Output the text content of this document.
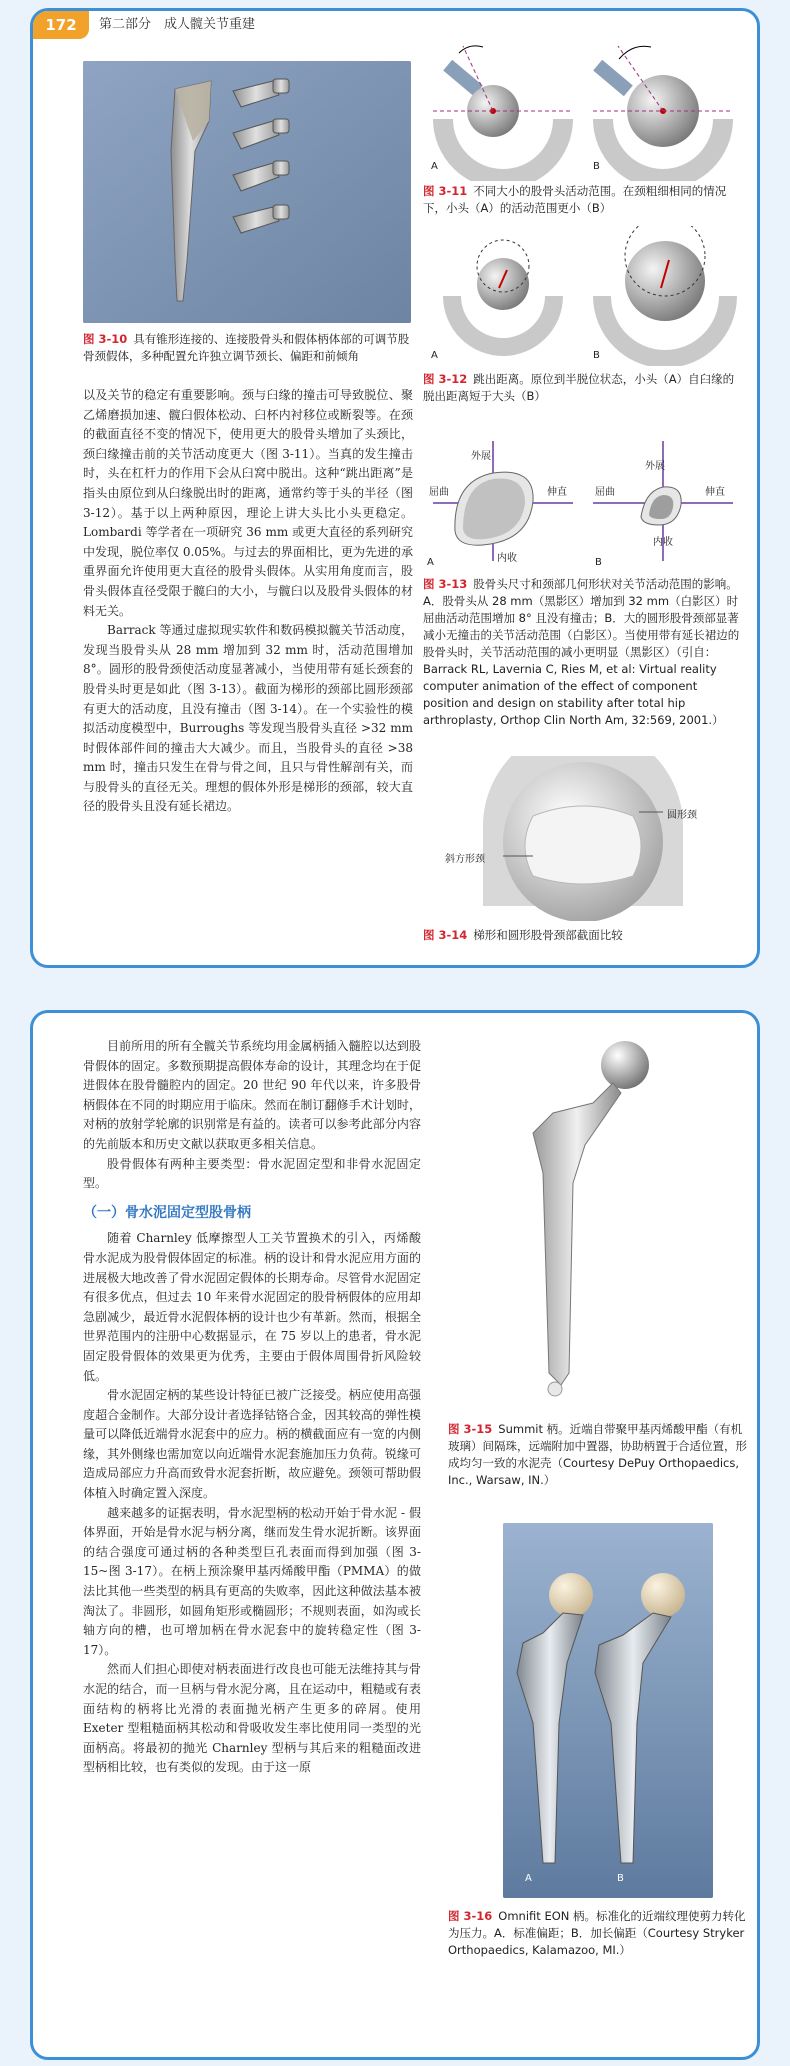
172	第二部分　成人髋关节重建
图 3-10 具有锥形连接的、连接股骨头和假体柄体部的可调节股骨颈假体，多种配置允许独立调节颈长、偏距和前倾角

以及关节的稳定有重要影响。颈与臼缘的撞击可导致脱位、聚乙烯磨损加速、髋臼假体松动、臼杯内衬移位或断裂等。在颈的截面直径不变的情况下，使用更大的股骨头增加了头颈比，颈臼缘撞击前的关节活动度更大（图 3-11）。当真的发生撞击时，头在杠杆力的作用下会从臼窝中脱出。这种“跳出距离”是指头由原位到从臼缘脱出时的距离，通常约等于头的半径（图 3-12）。基于以上两种原因，理论上讲大头比小头更稳定。Lombardi 等学者在一项研究 36 mm 或更大直径的系列研究中发现，脱位率仅 0.05%。与过去的界面相比，更为先进的承重界面允许使用更大直径的股骨头假体。从实用角度而言，股骨头假体直径受限于髋臼的大小，与髋臼以及股骨头假体的材料无关。

Barrack 等通过虚拟现实软件和数码模拟髋关节活动度，发现当股骨头从 28 mm 增加到 32 mm 时，活动范围增加 8°。圆形的股骨颈使活动度显著减小，当使用带有延长颈套的股骨头时更是如此（图 3-13）。截面为梯形的颈部比圆形颈部有更大的活动度，且没有撞击（图 3-14）。在一个实验性的模拟活动度模型中，Burroughs 等发现当股骨头直径 >32 mm 时假体部件间的撞击大大减少。而且，当股骨头的直径 >38 mm 时，撞击只发生在骨与骨之间，且只与骨性解剖有关，而与股骨头的直径无关。理想的假体外形是梯形的颈部，较大直径的股骨头且没有延长裙边。

A	B
图 3-11 不同大小的股骨头活动范围。在颈粗细相同的情况下，小头（A）的活动范围更小（B）
A	B
图 3-12 跳出距离。原位到半脱位状态，小头（A）自臼缘的脱出距离短于大头（B）
外展
屈曲	伸直
内收
外展
屈曲	伸直
内收
A	B
图 3-13 股骨头尺寸和颈部几何形状对关节活动范围的影响。A．股骨头从 28 mm（黑影区）增加到 32 mm（白影区）时屈曲活动范围增加 8° 且没有撞击；B．大的圆形股骨颈部显著减小无撞击的关节活动范围（白影区）。当使用带有延长裙边的股骨头时，关节活动范围的减小更明显（黑影区）（引自：Barrack RL, Lavernia C, Ries M, et al: Virtual reality computer animation of the effect of component position and design on stability after total hip arthroplasty, Orthop Clin North Am, 32:569, 2001.）
斜方形颈
圆形颈
图 3-14 梯形和圆形股骨颈部截面比较

目前所用的所有全髋关节系统均用金属柄插入髓腔以达到股骨假体的固定。多数预期提高假体寿命的设计，其理念均在于促进假体在股骨髓腔内的固定。20 世纪 90 年代以来，许多股骨柄假体在不同的时期应用于临床。然而在制订翻修手术计划时，对柄的放射学轮廓的识别常是有益的。读者可以参考此部分内容的先前版本和历史文献以获取更多相关信息。

股骨假体有两种主要类型：骨水泥固定型和非骨水泥固定型。

（一）骨水泥固定型股骨柄

随着 Charnley 低摩擦型人工关节置换术的引入，丙烯酸骨水泥成为股骨假体固定的标准。柄的设计和骨水泥应用方面的进展极大地改善了骨水泥固定假体的长期寿命。尽管骨水泥固定有很多优点，但过去 10 年来骨水泥固定的股骨柄假体的应用却急剧减少，最近骨水泥假体柄的设计也少有革新。然而，根据全世界范围内的注册中心数据显示，在 75 岁以上的患者，骨水泥固定股骨假体的效果更为优秀，主要由于假体周围骨折风险较低。

骨水泥固定柄的某些设计特征已被广泛接受。柄应使用高强度超合金制作。大部分设计者选择钴铬合金，因其较高的弹性模量可以降低近端骨水泥套中的应力。柄的横截面应有一宽的内侧缘，其外侧缘也需加宽以向近端骨水泥套施加压力负荷。锐缘可造成局部应力升高而致骨水泥套折断，故应避免。颈领可帮助假体植入时确定置入深度。

越来越多的证据表明，骨水泥型柄的松动开始于骨水泥 - 假体界面，开始是骨水泥与柄分离，继而发生骨水泥折断。该界面的结合强度可通过柄的各种类型巨孔表面而得到加强（图 3-15~图 3-17）。在柄上预涂聚甲基丙烯酸甲酯（PMMA）的做法比其他一些类型的柄具有更高的失败率，因此这种做法基本被淘汰了。非圆形，如圆角矩形或椭圆形；不规则表面，如沟或长轴方向的槽，也可增加柄在骨水泥套中的旋转稳定性（图 3-17）。

然而人们担心即使对柄表面进行改良也可能无法维持其与骨水泥的结合，而一旦柄与骨水泥分离，且在运动中，粗糙或有表面结构的柄将比光滑的表面抛光柄产生更多的碎屑。使用 Exeter 型粗糙面柄其松动和骨吸收发生率比使用同一类型的光面柄高。将最初的抛光 Charnley 型柄与其后来的粗糙面改进型柄相比较，也有类似的发现。由于这一原

图 3-15 Summit 柄。近端自带聚甲基丙烯酸甲酯（有机玻璃）间隔珠，远端附加中置器，协助柄置于合适位置，形成均匀一致的水泥壳（Courtesy DePuy Orthopaedics, Inc., Warsaw, IN.）
A	B
图 3-16 Omnifit EON 柄。标准化的近端纹理使剪力转化为压力。A．标准偏距；B．加长偏距（Courtesy Stryker Orthopaedics, Kalamazoo, MI.）
